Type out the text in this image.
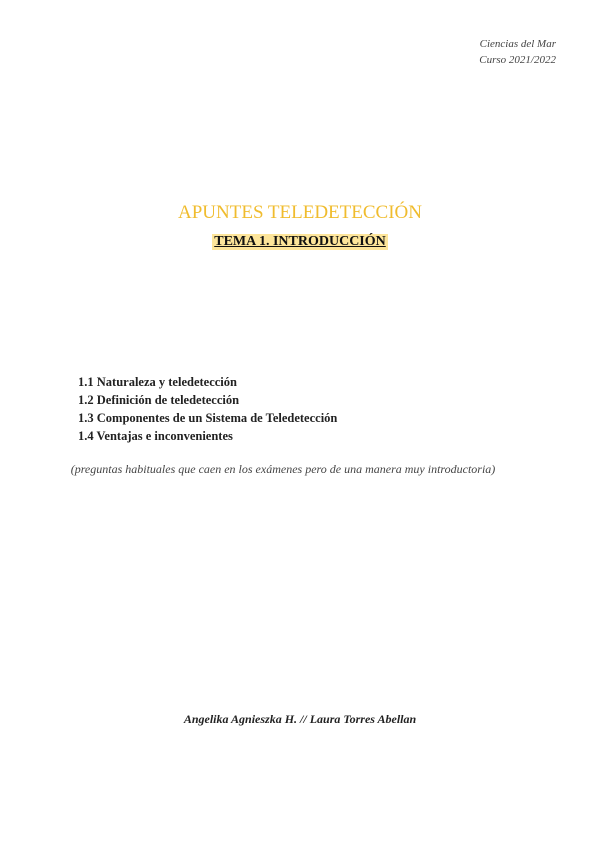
Ciencias del Mar
Curso 2021/2022
APUNTES TELEDETECCIÓN
TEMA 1. INTRODUCCIÓN
1.1 Naturaleza y teledetección
1.2 Definición de teledetección
1.3 Componentes de un Sistema de Teledetección
1.4 Ventajas e inconvenientes
(preguntas habituales que caen en los exámenes pero de una manera muy introductoria)
Angelika Agnieszka H. // Laura Torres Abellan
